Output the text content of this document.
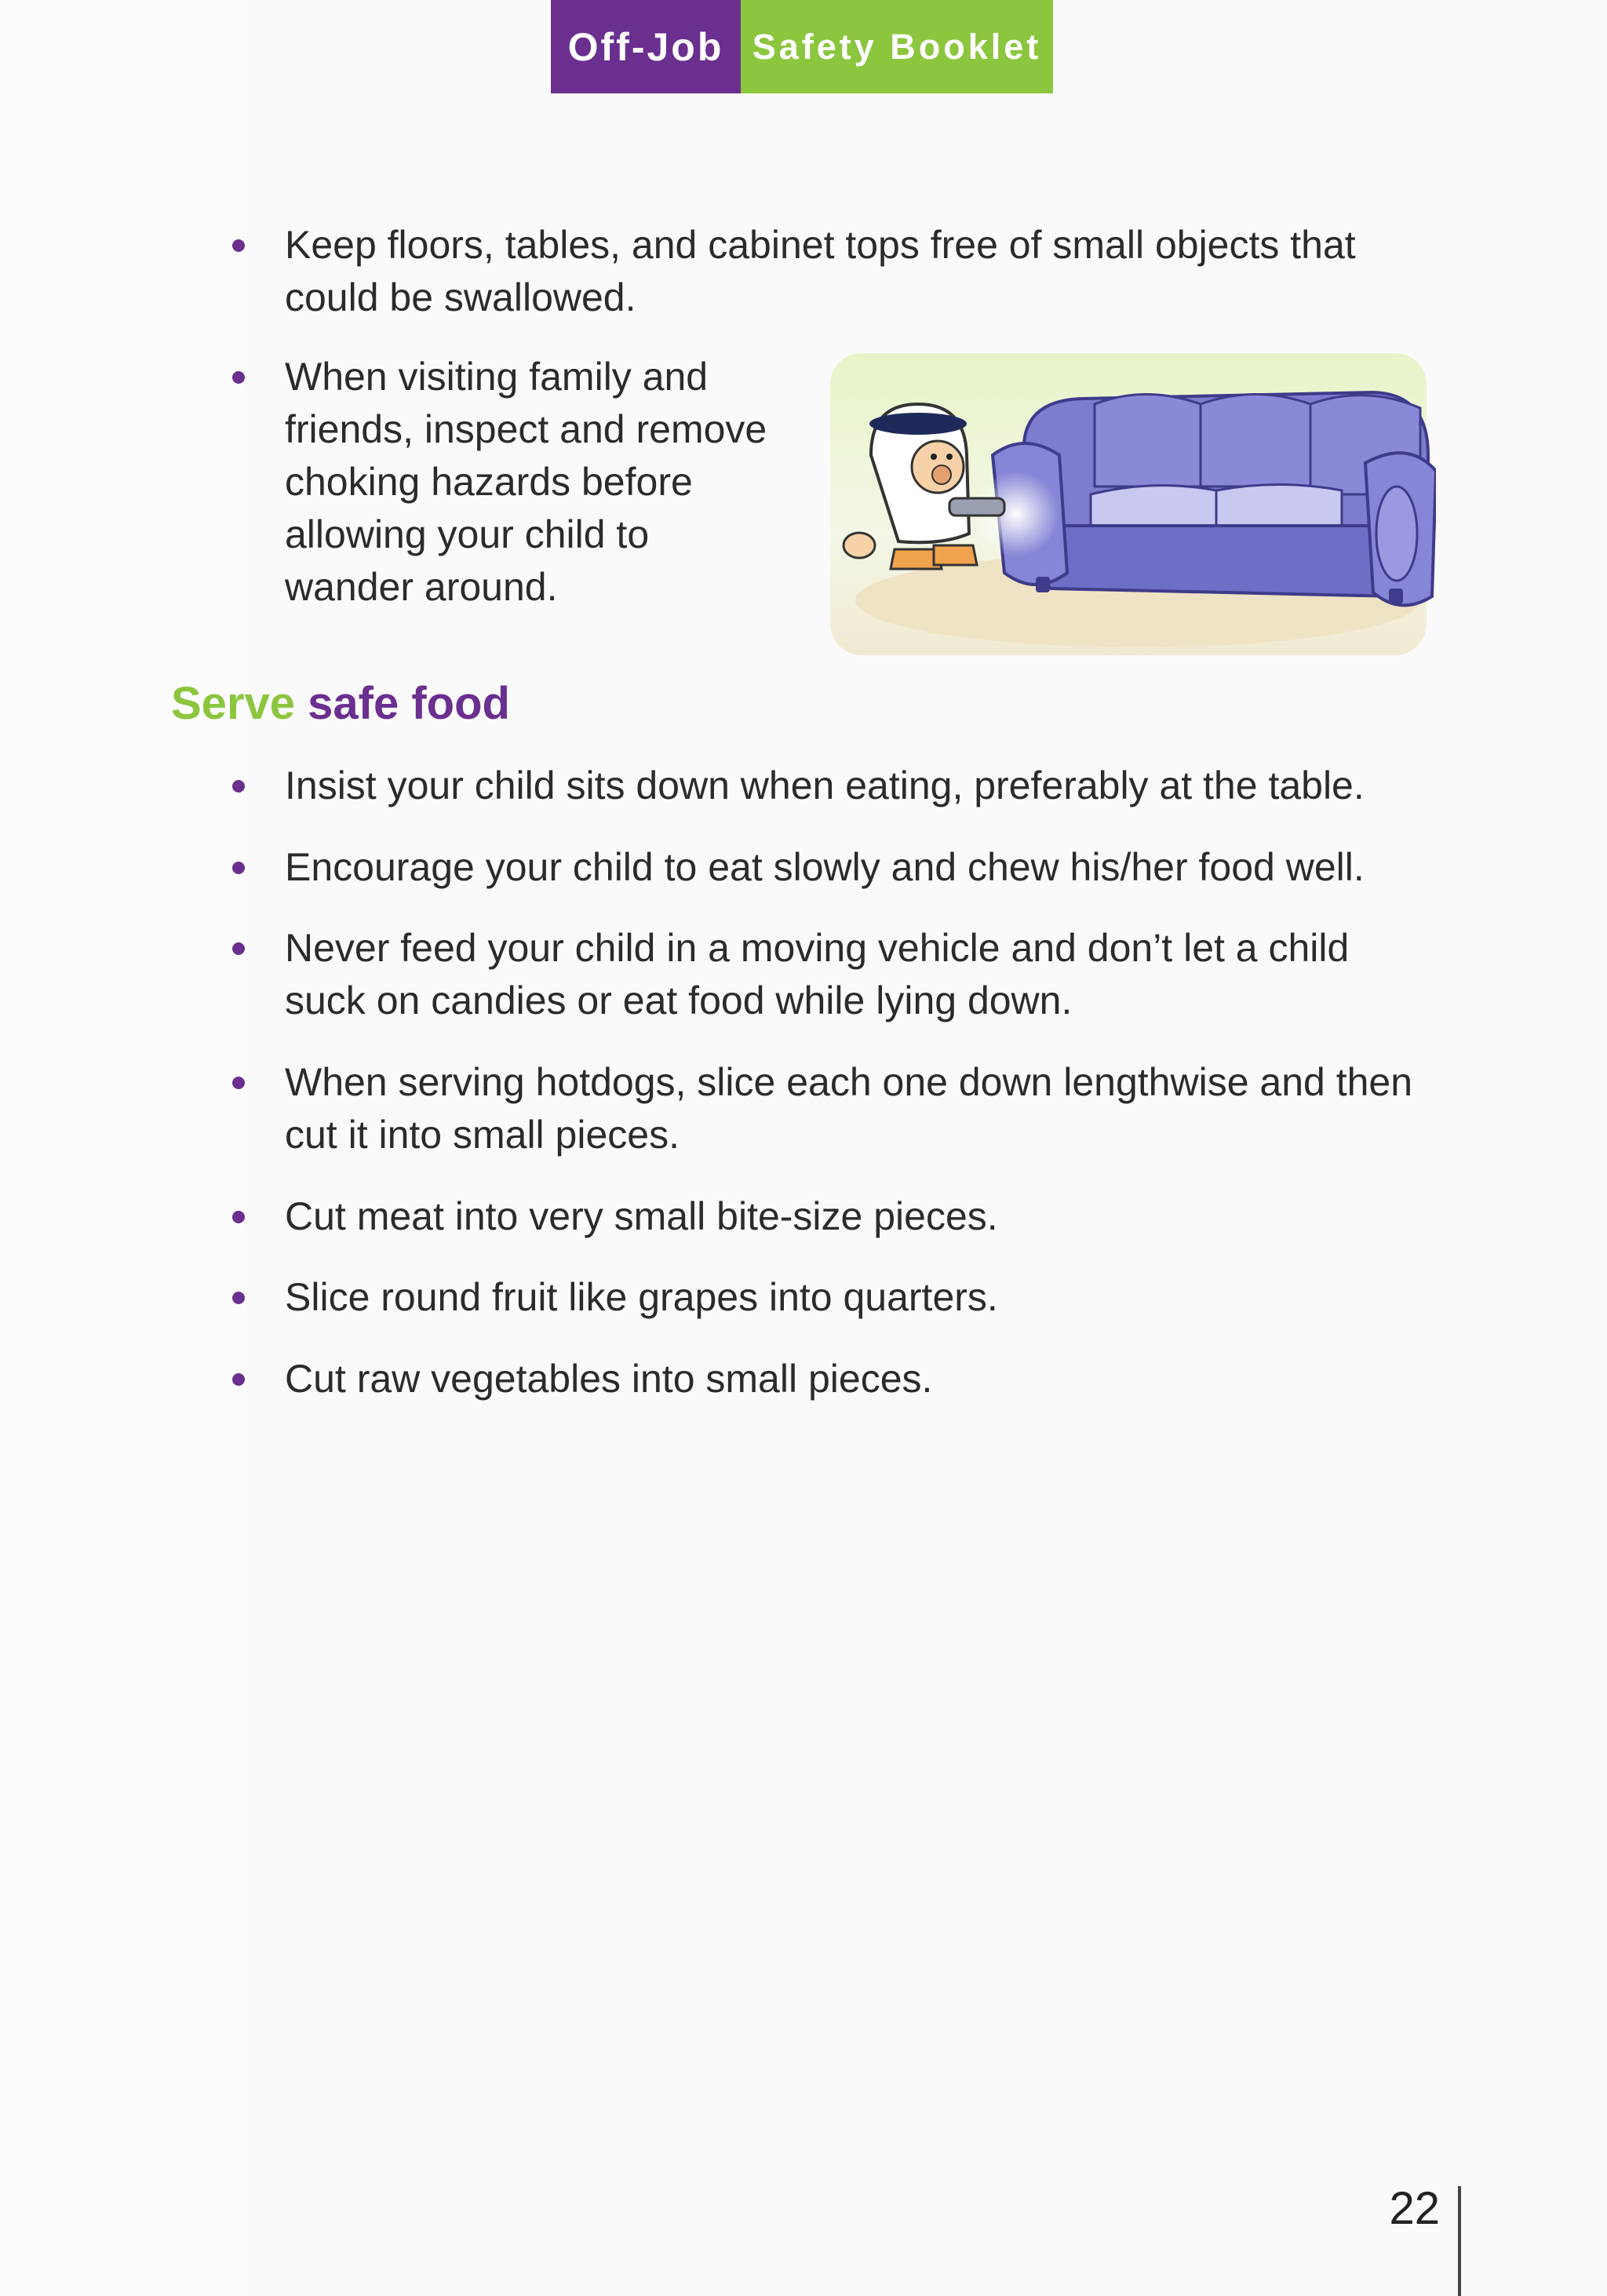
Off-Job Safety Booklet
Keep floors, tables, and cabinet tops free of small objects that could be swallowed.
When visiting family and friends, inspect and remove choking hazards before allowing your child to wander around.
Serve safe food
Insist your child sits down when eating, preferably at the table.
Encourage your child to eat slowly and chew his/her food well.
Never feed your child in a moving vehicle and don’t let a child suck on candies or eat food while lying down.
When serving hotdogs, slice each one down lengthwise and then cut it into small pieces.
Cut meat into very small bite-size pieces.
Slice round fruit like grapes into quarters.
Cut raw vegetables into small pieces.
22
